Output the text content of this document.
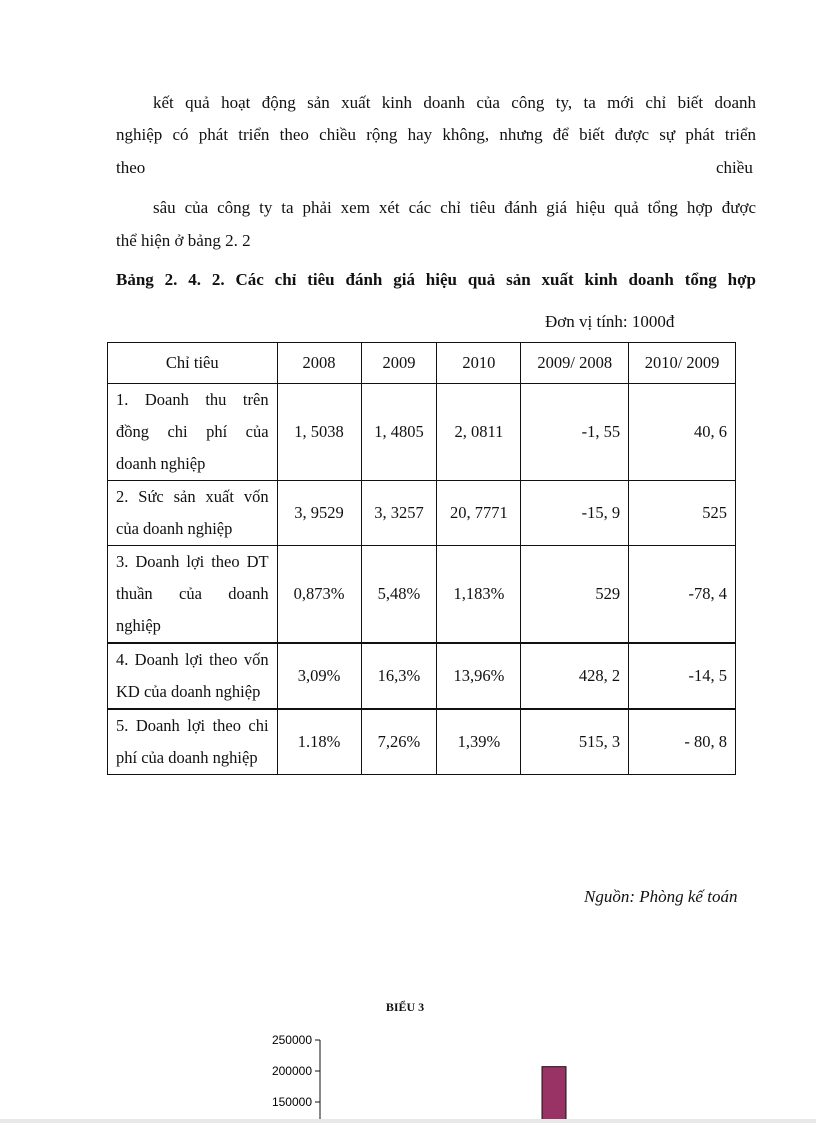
kết quả hoạt động sản xuất kinh doanh của công ty, ta mới chỉ biết doanh
nghiệp có phát triển theo chiều rộng hay không, nhưng để biết được sự phát triển
theo	chiều
sâu của công ty ta phải xem xét các chỉ tiêu đánh giá hiệu quả tổng hợp được
thể hiện ở bảng 2. 2
Bảng 2. 4. 2. Các chỉ tiêu đánh giá hiệu quả sản xuất kinh doanh tổng hợp
Đơn vị tính: 1000đ
Chỉ tiêu	2008	2009	2010	2009/ 2008	2010/ 2009
1. Doanh thu trên đồng chi phí của doanh nghiệp	1, 5038	1, 4805	2, 0811	-1, 55	40, 6
2. Sức sản xuất vốn của doanh nghiệp	3, 9529	3, 3257	20, 7771	-15, 9	525
3. Doanh lợi theo DT thuần của doanh nghiệp	0,873%	5,48%	1,183%	529	-78, 4
4. Doanh lợi theo vốn KD của doanh nghiệp	3,09%	16,3%	13,96%	428, 2	-14, 5
5. Doanh lợi theo chi phí của doanh nghiệp	1.18%	7,26%	1,39%	515, 3	- 80, 8
Nguồn: Phòng kế toán
BIỂU 3
250000
200000
150000
